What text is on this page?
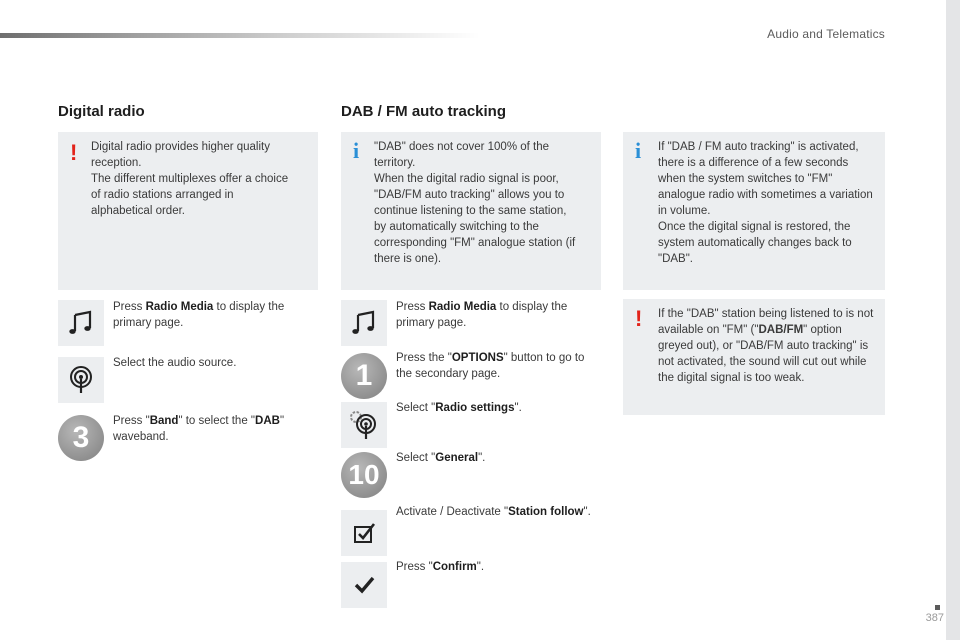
Audio and Telematics
Digital radio
! Digital radio provides higher quality reception.

The different multiplexes offer a choice of radio stations arranged in alphabetical order.

Press Radio Media to display the primary page.
Select the audio source.
3	Press "Band" to select the "DAB" waveband.
DAB / FM auto tracking
i "DAB" does not cover 100% of the territory.

When the digital radio signal is poor, "DAB/FM auto tracking" allows you to continue listening to the same station, by automatically switching to the corresponding "FM" analogue station (if there is one).

i If "DAB / FM auto tracking" is activated, there is a difference of a few seconds when the system switches to "FM" analogue radio with sometimes a variation in volume.

Once the digital signal is restored, the system automatically changes back to "DAB".

! If the "DAB" station being listened to is not available on "FM" ("DAB/FM" option greyed out), or "DAB/FM auto tracking" is not activated, the sound will cut out while the digital signal is too weak.

Press Radio Media to display the primary page.
1
Press the "OPTIONS" button to go to the secondary page.
Select "Radio settings".
10
Select "General".
Activate / Deactivate "Station follow".
Press "Confirm".
387
